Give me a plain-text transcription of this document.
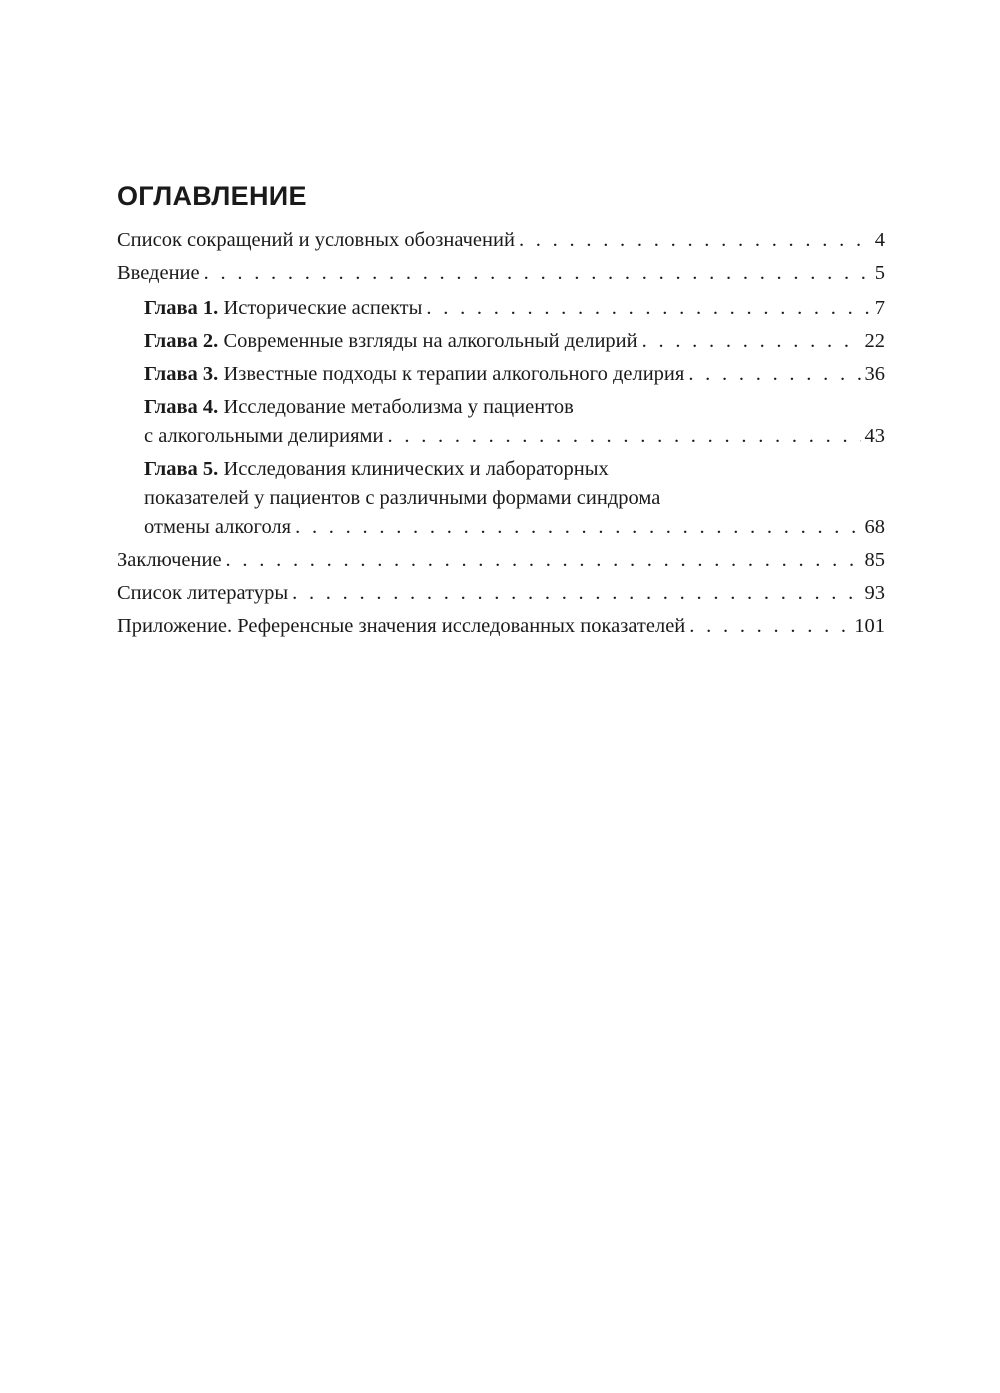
ОГЛАВЛЕНИЕ
Список сокращений и условных обозначений . . .	4
Введение . . .	5
Глава 1. Исторические аспекты . . .	7
Глава 2. Современные взгляды на алкогольный делирий . . .	22
Глава 3. Известные подходы к терапии алкогольного делирия . . .	36
Глава 4. Исследование метаболизма у пациентов
с алкогольными делириями . . .	43
Глава 5. Исследования клинических и лабораторных
показателей у пациентов с различными формами синдрома
отмены алкоголя . . .	68
Заключение . . .	85
Список литературы . . .	93
Приложение. Референсные значения исследованных показателей . . .	101
